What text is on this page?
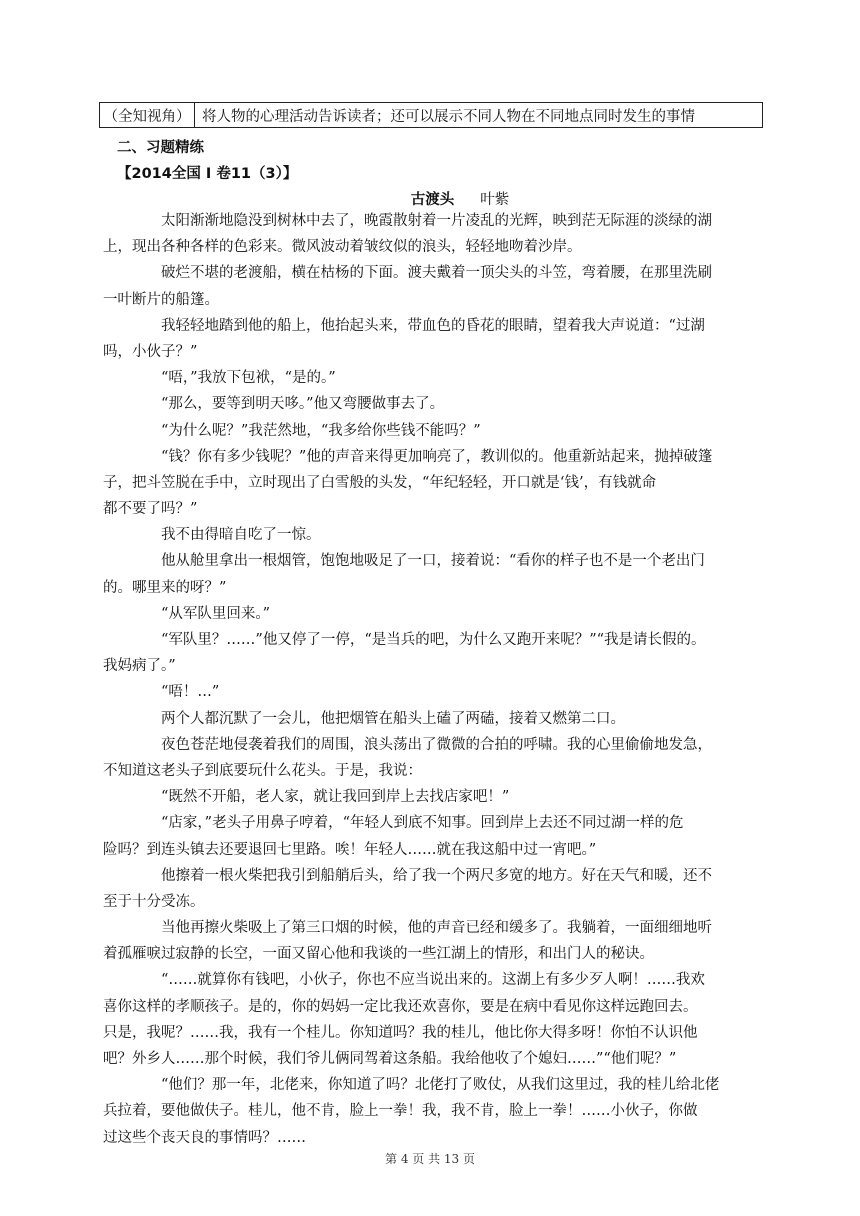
（全知视角） 将人物的心理活动告诉读者；还可以展示不同人物在不同地点同时发生的事情
二、习题精练
【2014全国 I 卷11（3）】
古渡头 叶紫
太阳渐渐地隐没到树林中去了，晚霞散射着一片凌乱的光辉，映到茫无际涯的淡绿的湖
上，现出各种各样的色彩来。微风波动着皱纹似的浪头，轻轻地吻着沙岸。
破烂不堪的老渡船，横在枯杨的下面。渡夫戴着一顶尖头的斗笠，弯着腰，在那里洗刷
一叶断片的船篷。
我轻轻地踏到他的船上，他抬起头来，带血色的昏花的眼睛，望着我大声说道：“过湖
吗，小伙子？”
“唔，”我放下包袱，“是的。”
“那么，要等到明天哆。”他又弯腰做事去了。
“为什么呢？”我茫然地，“我多给你些钱不能吗？”
“钱？你有多少钱呢？”他的声音来得更加响亮了，教训似的。他重新站起来，抛掉破篷
子，把斗笠脱在手中，立时现出了白雪般的头发，“年纪轻轻，开口就是‘钱’，有钱就命
都不要了吗？”
我不由得暗自吃了一惊。
他从舱里拿出一根烟管，饱饱地吸足了一口，接着说：“看你的样子也不是一个老出门
的。哪里来的呀？”
“从军队里回来。”
“军队里？……”他又停了一停，“是当兵的吧，为什么又跑开来呢？”“我是请长假的。
我妈病了。”
“唔！…”
两个人都沉默了一会儿，他把烟管在船头上磕了两磕，接着又燃第二口。
夜色苍茫地侵袭着我们的周围，浪头荡出了微微的合拍的呼啸。我的心里偷偷地发急，
不知道这老头子到底要玩什么花头。于是，我说：
“既然不开船，老人家，就让我回到岸上去找店家吧！”
“店家，”老头子用鼻子哼着，“年轻人到底不知事。回到岸上去还不同过湖一样的危
险吗？到连头镇去还要退回七里路。唉！年轻人……就在我这船中过一宵吧。”
他擦着一根火柴把我引到船艄后头，给了我一个两尺多宽的地方。好在天气和暖，还不
至于十分受冻。
当他再擦火柴吸上了第三口烟的时候，他的声音已经和缓多了。我躺着，一面细细地听
着孤雁唳过寂静的长空，一面又留心他和我谈的一些江湖上的情形，和出门人的秘诀。
“……就算你有钱吧，小伙子，你也不应当说出来的。这湖上有多少歹人啊！……我欢
喜你这样的孝顺孩子。是的，你的妈妈一定比我还欢喜你，要是在病中看见你这样远跑回去。
只是，我呢？……我，我有一个桂儿。你知道吗？我的桂儿，他比你大得多呀！你怕不认识他
吧？外乡人……那个时候，我们爷儿俩同驾着这条船。我给他收了个媳妇……”“他们呢？”
“他们？那一年，北佬来，你知道了吗？北佬打了败仗，从我们这里过，我的桂儿给北佬
兵拉着，要他做伕子。桂儿，他不肯，脸上一拳！我，我不肯，脸上一拳！……小伙子，你做
过这些个丧天良的事情吗？……
第 4 页 共 13 页
